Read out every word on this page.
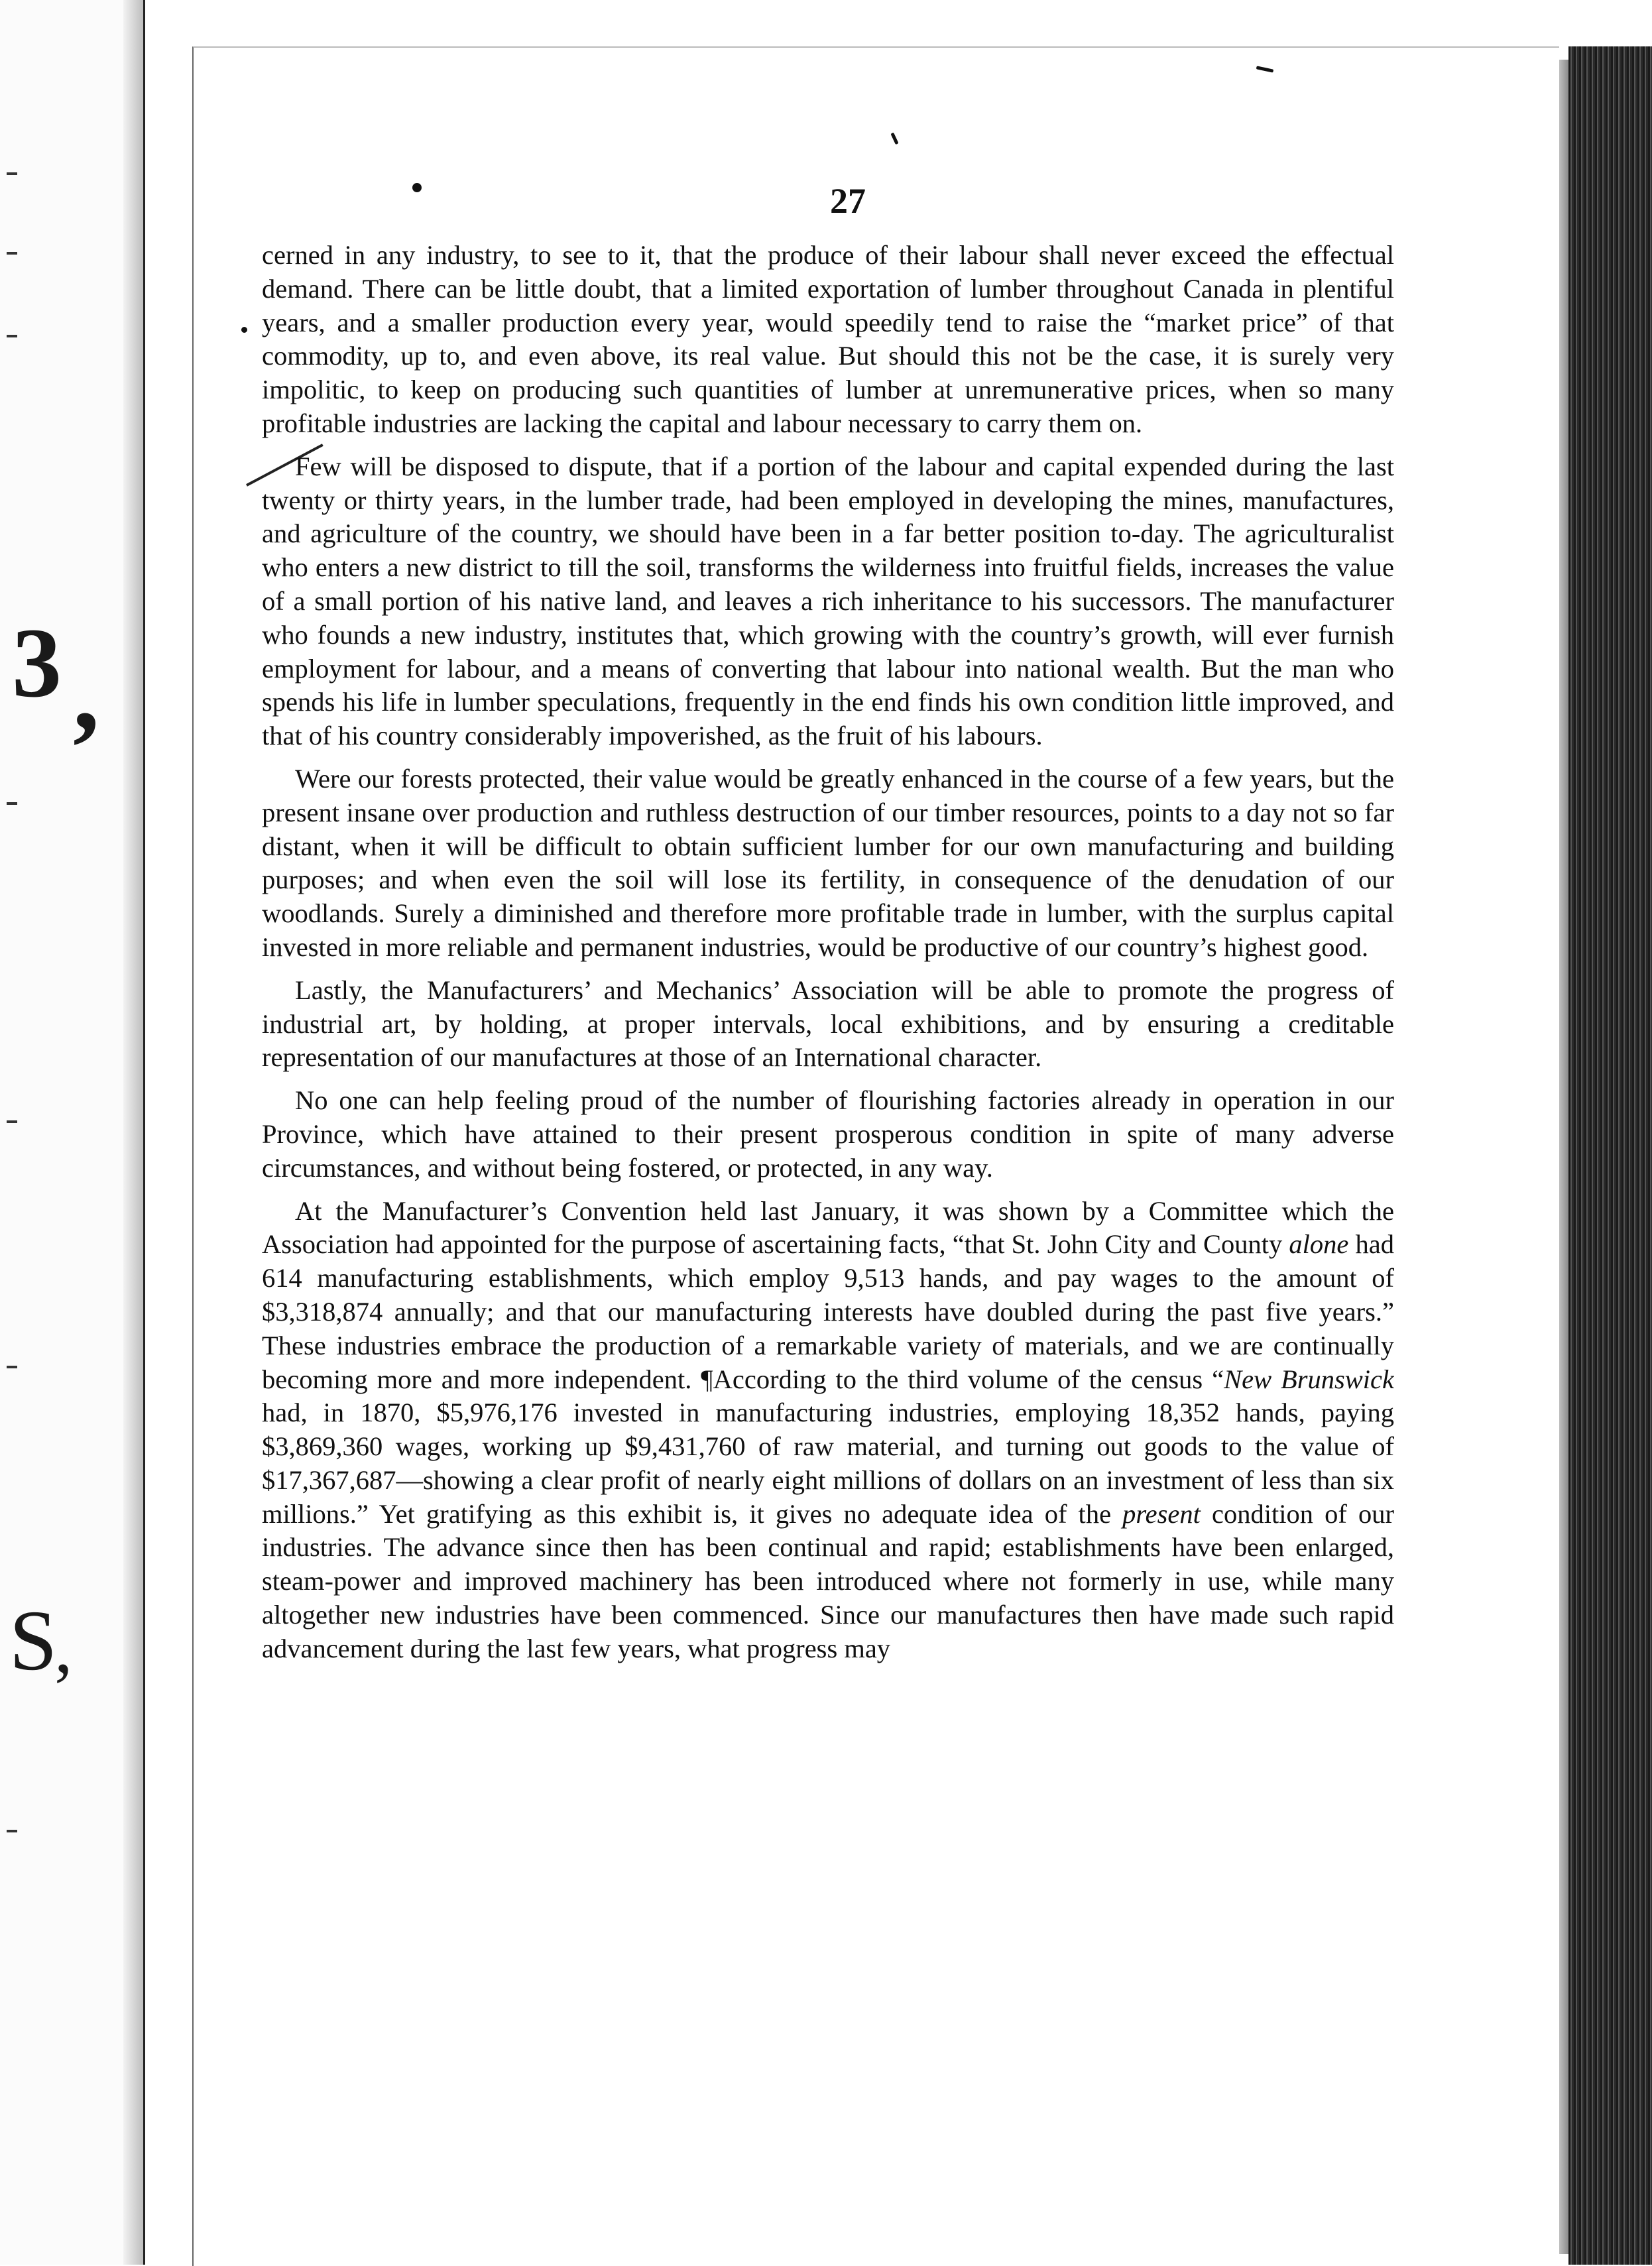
3 ,
S
,
27

cerned in any industry, to see to it, that the produce of their labour shall never exceed the effectual demand. There can be little doubt, that a limited exportation of lumber throughout Canada in plentiful years, and a smaller production every year, would speedily tend to raise the “market price” of that commodity, up to, and even above, its real value. But should this not be the case, it is surely very impolitic, to keep on producing such quantities of lumber at unremunerative prices, when so many profitable industries are lacking the capital and labour necessary to carry them on.

Few will be disposed to dispute, that if a portion of the labour and capital expended during the last twenty or thirty years, in the lumber trade, had been employed in developing the mines, manufactures, and agriculture of the country, we should have been in a far better position to-day. The agriculturalist who enters a new district to till the soil, transforms the wilderness into fruitful fields, increases the value of a small portion of his native land, and leaves a rich inheritance to his successors. The manufacturer who founds a new industry, institutes that, which growing with the country’s growth, will ever furnish employment for labour, and a means of converting that labour into national wealth. But the man who spends his life in lumber speculations, frequently in the end finds his own condition little improved, and that of his country considerably impoverished, as the fruit of his labours.

Were our forests protected, their value would be greatly enhanced in the course of a few years, but the present insane over production and ruthless destruction of our timber resources, points to a day not so far distant, when it will be difficult to obtain sufficient lumber for our own manufacturing and building purposes; and when even the soil will lose its fertility, in consequence of the denudation of our woodlands. Surely a diminished and therefore more profitable trade in lumber, with the surplus capital invested in more reliable and permanent industries, would be productive of our country’s highest good.

Lastly, the Manufacturers’ and Mechanics’ Association will be able to promote the progress of industrial art, by holding, at proper intervals, local exhibitions, and by ensuring a creditable representation of our manufactures at those of an International character.

No one can help feeling proud of the number of flourishing factories already in operation in our Province, which have attained to their present prosperous condition in spite of many adverse circumstances, and without being fostered, or protected, in any way.

At the Manufacturer’s Convention held last January, it was shown by a Committee which the Association had appointed for the purpose of ascertaining facts, “that St. John City and County alone had 614 manufacturing establishments, which employ 9,513 hands, and pay wages to the amount of $3,318,874 annually; and that our manufacturing interests have doubled during the past five years.” These industries embrace the production of a remarkable variety of materials, and we are continually becoming more and more independent. ¶According to the third volume of the census “New Brunswick had, in 1870, $5,976,176 invested in manufacturing industries, employing 18,352 hands, paying $3,869,360 wages, working up $9,431,760 of raw material, and turning out goods to the value of $17,367,687—showing a clear profit of nearly eight millions of dollars on an investment of less than six millions.” Yet gratifying as this exhibit is, it gives no adequate idea of the present condition of our industries. The advance since then has been continual and rapid; establishments have been enlarged, steam-power and improved machinery has been introduced where not formerly in use, while many altogether new industries have been commenced. Since our manufactures then have made such rapid advancement during the last few years, what progress may
